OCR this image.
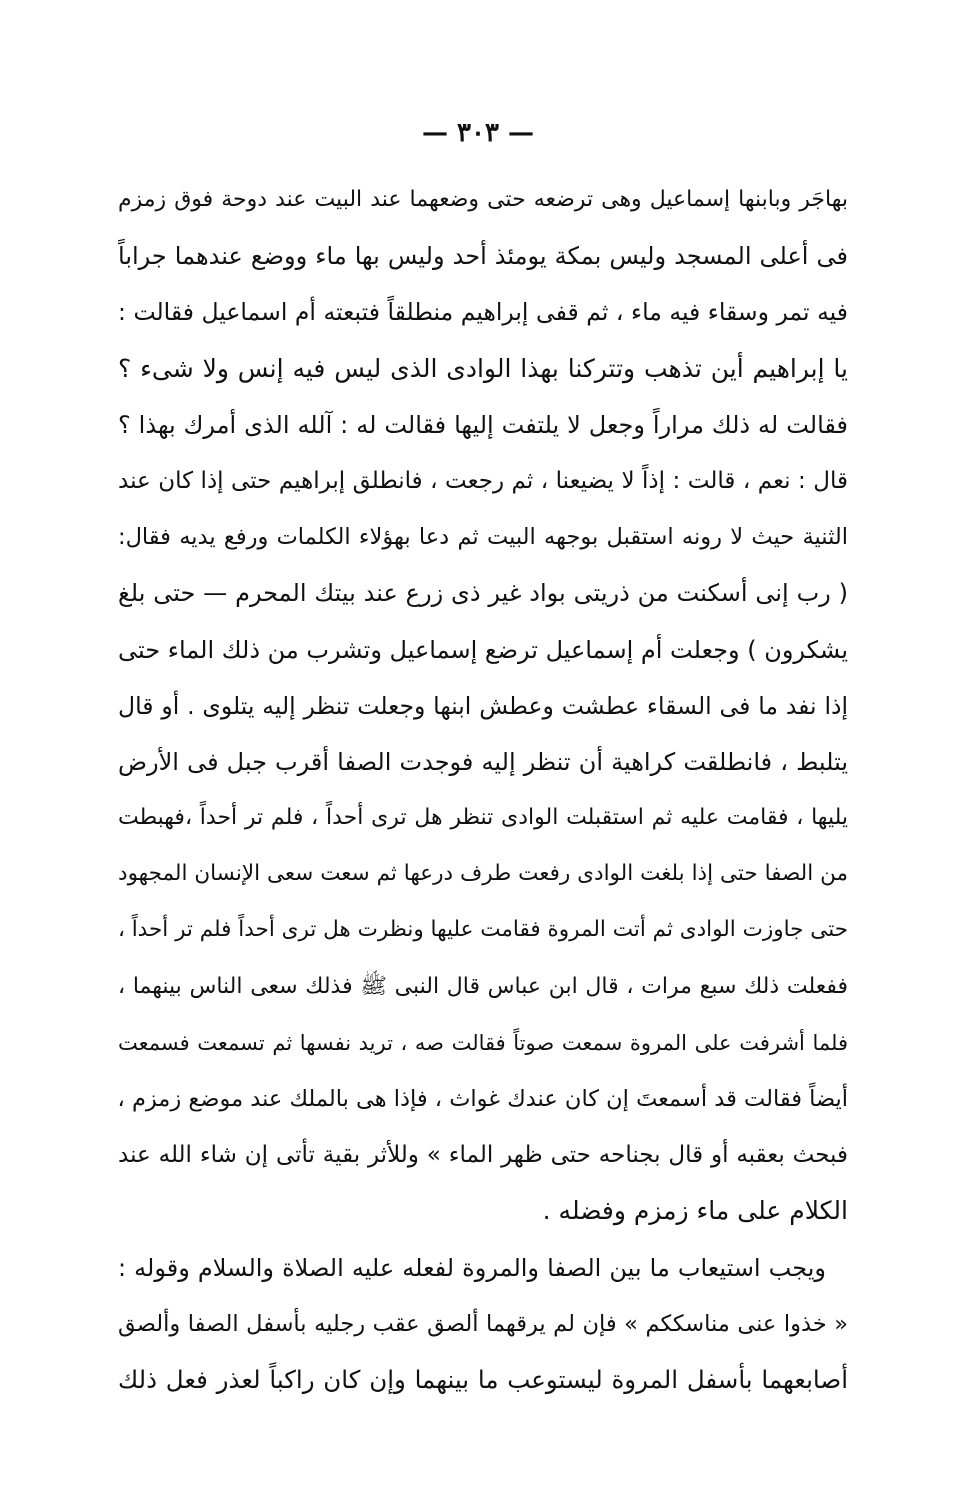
— ٣٠٣ —
بهاجَر وبابنها إسماعيل وهى ترضعه حتى وضعهما عند البيت عند دوحة فوق زمزم
فى أعلى المسجد وليس بمكة يومئذ أحد وليس بها ماء ووضع عندهما جراباً
فيه تمر وسقاء فيه ماء ، ثم قفى إبراهيم منطلقاً فتبعته أم اسماعيل فقالت :
يا إبراهيم أين تذهب وتتركنا بهذا الوادى الذى ليس فيه إنس ولا شىء ؟
فقالت له ذلك مراراً وجعل لا يلتفت إليها فقالت له : آلله الذى أمرك بهذا ؟
قال : نعم ، قالت : إذاً لا يضيعنا ، ثم رجعت ، فانطلق إبراهيم حتى إذا كان عند
الثنية حيث لا رونه استقبل بوجهه البيت ثم دعا بهؤلاء الكلمات ورفع يديه فقال:
( رب إنى أسكنت من ذريتى بواد غير ذى زرع عند بيتك المحرم — حتى بلغ
يشكرون ) وجعلت أم إسماعيل ترضع إسماعيل وتشرب من ذلك الماء حتى
إذا نفد ما فى السقاء عطشت وعطش ابنها وجعلت تنظر إليه يتلوى . أو قال
يتلبط ، فانطلقت كراهية أن تنظر إليه فوجدت الصفا أقرب جبل فى الأرض
يليها ، فقامت عليه ثم استقبلت الوادى تنظر هل ترى أحداً ، فلم تر أحداً ،فهبطت
من الصفا حتى إذا بلغت الوادى رفعت طرف درعها ثم سعت سعى الإنسان المجهود
حتى جاوزت الوادى ثم أتت المروة فقامت عليها ونظرت هل ترى أحداً فلم تر أحداً ،
ففعلت ذلك سبع مرات ، قال ابن عباس قال النبى ﷺ فذلك سعى الناس بينهما ،
فلما أشرفت على المروة سمعت صوتاً فقالت صه ، تريد نفسها ثم تسمعت فسمعت
أيضاً فقالت قد أسمعتَ إن كان عندك غواث ، فإذا هى بالملك عند موضع زمزم ،
فبحث بعقبه أو قال بجناحه حتى ظهر الماء » وللأثر بقية تأتى إن شاء الله عند
الكلام على ماء زمزم وفضله .
ويجب استيعاب ما بين الصفا والمروة لفعله عليه الصلاة والسلام وقوله :
« خذوا عنى مناسككم » فإن لم يرقهما ألصق عقب رجليه بأسفل الصفا وألصق
أصابعهما بأسفل المروة ليستوعب ما بينهما وإن كان راكباً لعذر فعل ذلك
